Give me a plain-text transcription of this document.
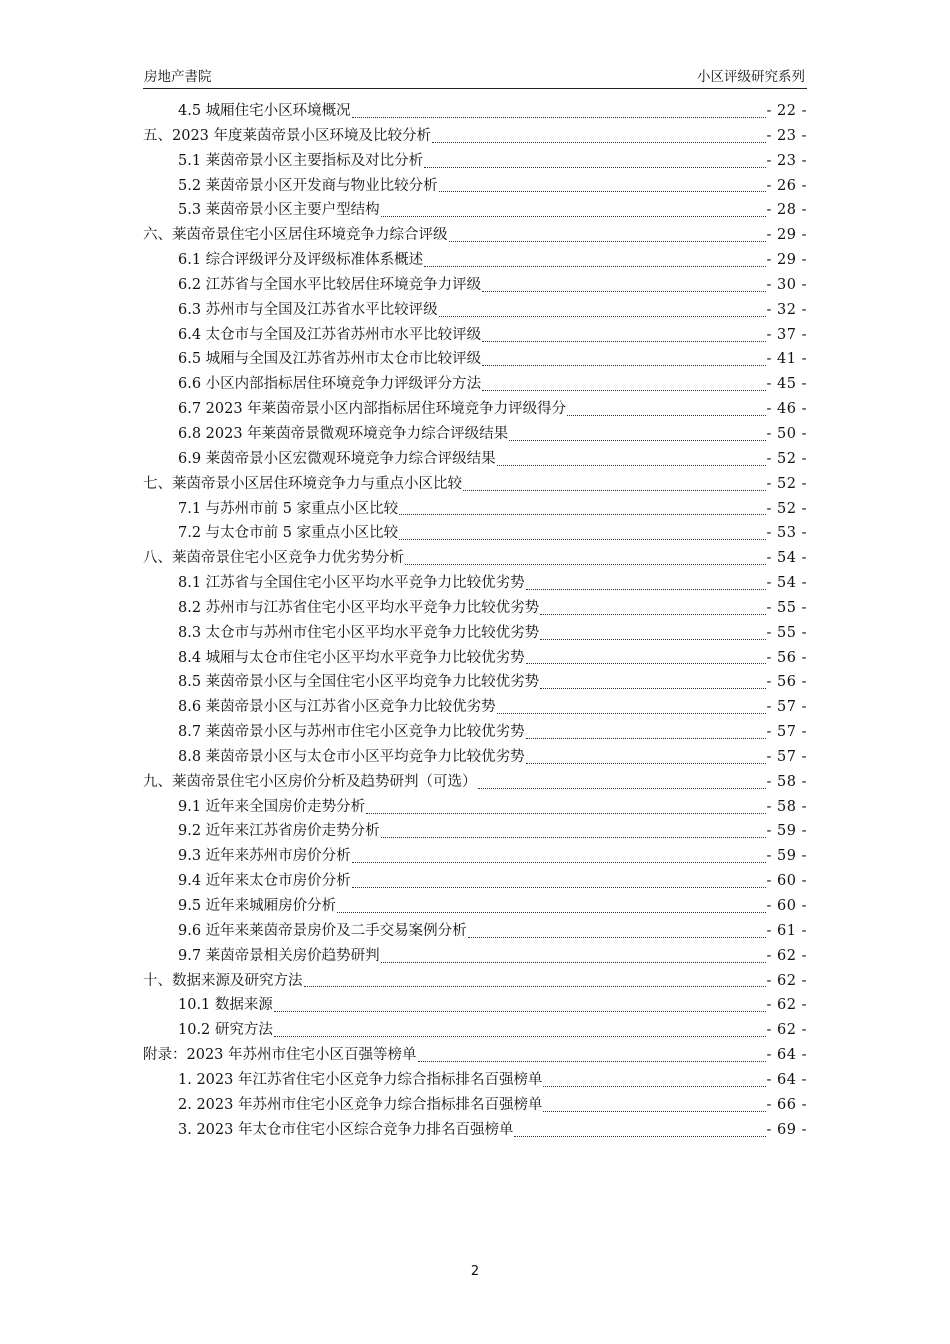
房地产書院	小区评级研究系列
4.5 城厢住宅小区环境概况	- 22 -
五、2023 年度莱茵帝景小区环境及比较分析	- 23 -
5.1 莱茵帝景小区主要指标及对比分析	- 23 -
5.2 莱茵帝景小区开发商与物业比较分析	- 26 -
5.3 莱茵帝景小区主要户型结构	- 28 -
六、莱茵帝景住宅小区居住环境竞争力综合评级	- 29 -
6.1 综合评级评分及评级标准体系概述	- 29 -
6.2 江苏省与全国水平比较居住环境竞争力评级	- 30 -
6.3 苏州市与全国及江苏省水平比较评级	- 32 -
6.4 太仓市与全国及江苏省苏州市水平比较评级	- 37 -
6.5 城厢与全国及江苏省苏州市太仓市比较评级	- 41 -
6.6 小区内部指标居住环境竞争力评级评分方法	- 45 -
6.7 2023 年莱茵帝景小区内部指标居住环境竞争力评级得分	- 46 -
6.8 2023 年莱茵帝景微观环境竞争力综合评级结果	- 50 -
6.9 莱茵帝景小区宏微观环境竞争力综合评级结果	- 52 -
七、莱茵帝景小区居住环境竞争力与重点小区比较	- 52 -
7.1 与苏州市前 5 家重点小区比较	- 52 -
7.2 与太仓市前 5 家重点小区比较	- 53 -
八、莱茵帝景住宅小区竞争力优劣势分析	- 54 -
8.1 江苏省与全国住宅小区平均水平竞争力比较优劣势	- 54 -
8.2 苏州市与江苏省住宅小区平均水平竞争力比较优劣势	- 55 -
8.3 太仓市与苏州市住宅小区平均水平竞争力比较优劣势	- 55 -
8.4 城厢与太仓市住宅小区平均水平竞争力比较优劣势	- 56 -
8.5 莱茵帝景小区与全国住宅小区平均竞争力比较优劣势	- 56 -
8.6 莱茵帝景小区与江苏省小区竞争力比较优劣势	- 57 -
8.7 莱茵帝景小区与苏州市住宅小区竞争力比较优劣势	- 57 -
8.8 莱茵帝景小区与太仓市小区平均竞争力比较优劣势	- 57 -
九、莱茵帝景住宅小区房价分析及趋势研判（可选）	- 58 -
9.1 近年来全国房价走势分析	- 58 -
9.2 近年来江苏省房价走势分析	- 59 -
9.3 近年来苏州市房价分析	- 59 -
9.4 近年来太仓市房价分析	- 60 -
9.5 近年来城厢房价分析	- 60 -
9.6 近年来莱茵帝景房价及二手交易案例分析	- 61 -
9.7 莱茵帝景相关房价趋势研判	- 62 -
十、数据来源及研究方法	- 62 -
10.1 数据来源	- 62 -
10.2 研究方法	- 62 -
附录：2023 年苏州市住宅小区百强等榜单	- 64 -
1. 2023 年江苏省住宅小区竞争力综合指标排名百强榜单	- 64 -
2. 2023 年苏州市住宅小区竞争力综合指标排名百强榜单	- 66 -
3. 2023 年太仓市住宅小区综合竞争力排名百强榜单	- 69 -
2
